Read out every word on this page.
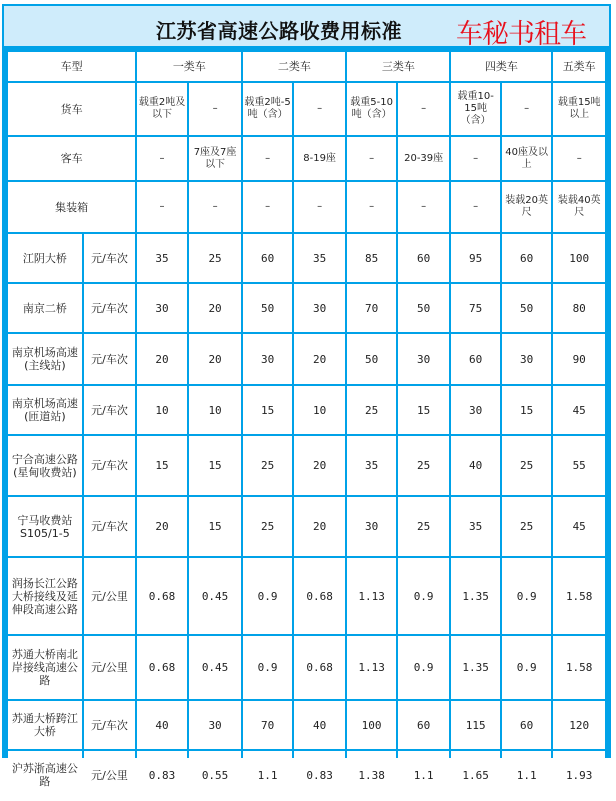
江苏省高速公路收费用标准 车秘书租车
车型		一类车		二类车		三类车		四类车		五类车
货车		载重2吨及以下	–	载重2吨-5吨（含）	–	载重5-10吨（含）	–	载重10-15吨（含）	–	载重15吨以上
客车		–	7座及7座以下	–	8-19座	–	20-39座	–	40座及以上	–
集装箱		–	–	–	–	–	–	–	装载20英尺	装载40英尺
江阴大桥	元/车次	35	25	60	35	85	60	95	60	100
南京二桥	元/车次	30	20	50	30	70	50	75	50	80
南京机场高速(主线站)	元/车次	20	20	30	20	50	30	60	30	90
南京机场高速(匝道站)	元/车次	10	10	15	10	25	15	30	15	45
宁合高速公路(星甸收费站)	元/车次	15	15	25	20	35	25	40	25	55
宁马收费站S105/1-5	元/车次	20	15	25	20	30	25	35	25	45
润扬长江公路大桥接线及延伸段高速公路	元/公里	0.68	0.45	0.9	0.68	1.13	0.9	1.35	0.9	1.58
苏通大桥南北岸接线高速公路	元/公里	0.68	0.45	0.9	0.68	1.13	0.9	1.35	0.9	1.58
苏通大桥跨江大桥	元/车次	40	30	70	40	100	60	115	60	120
沪苏浙高速公路	元/公里	0.83	0.55	1.1	0.83	1.38	1.1	1.65	1.1	1.93
